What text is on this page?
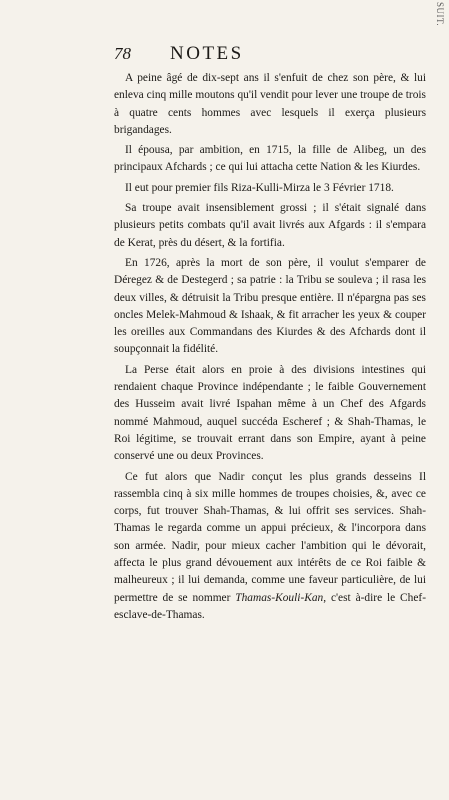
SUIT.
78 NOTES

A peine âgé de dix-sept ans il s'enfuit de chez son père, & lui enleva cinq mille moutons qu'il vendit pour lever une troupe de trois à quatre cents hommes avec lesquels il exerça plusieurs brigandages.

Il épousa, par ambition, en 1715, la fille de Alibeg, un des principaux Afchards ; ce qui lui attacha cette Nation & les Kiurdes.

Il eut pour premier fils Riza-Kulli-Mirza le 3 Février 1718.

Sa troupe avait insensiblement grossi ; il s'était signalé dans plusieurs petits combats qu'il avait livrés aux Afgards : il s'empara de Kerat, près du désert, & la fortifia.

En 1726, après la mort de son père, il voulut s'emparer de Déregez & de Destegerd ; sa patrie : la Tribu se souleva ; il rasa les deux villes, & détruisit la Tribu presque entière. Il n'épargna pas ses oncles Melek-Mahmoud & Ishaak, & fit arracher les yeux & couper les oreilles aux Commandans des Kiurdes & des Afchards dont il soupçonnait la fidélité.

La Perse était alors en proie à des divisions intestines qui rendaient chaque Province indépendante ; le faible Gouvernement des Husseim avait livré Ispahan même à un Chef des Afgards nommé Mahmoud, auquel succéda Escheref ; & Shah-Thamas, le Roi légitime, se trouvait errant dans son Empire, ayant à peine conservé une ou deux Provinces.

Ce fut alors que Nadir conçut les plus grands desseins Il rassembla cinq à six mille hommes de troupes choisies, &, avec ce corps, fut trouver Shah-Thamas, & lui offrit ses services. Shah-Thamas le regarda comme un appui précieux, & l'incorpora dans son armée. Nadir, pour mieux cacher l'ambition qui le dévorait, affecta le plus grand dévouement aux intérêts de ce Roi faible & malheureux ; il lui demanda, comme une faveur particulière, de lui permettre de se nommer Thamas-Kouli-Kan, c'est à-dire le Chef-esclave-de-Thamas.
